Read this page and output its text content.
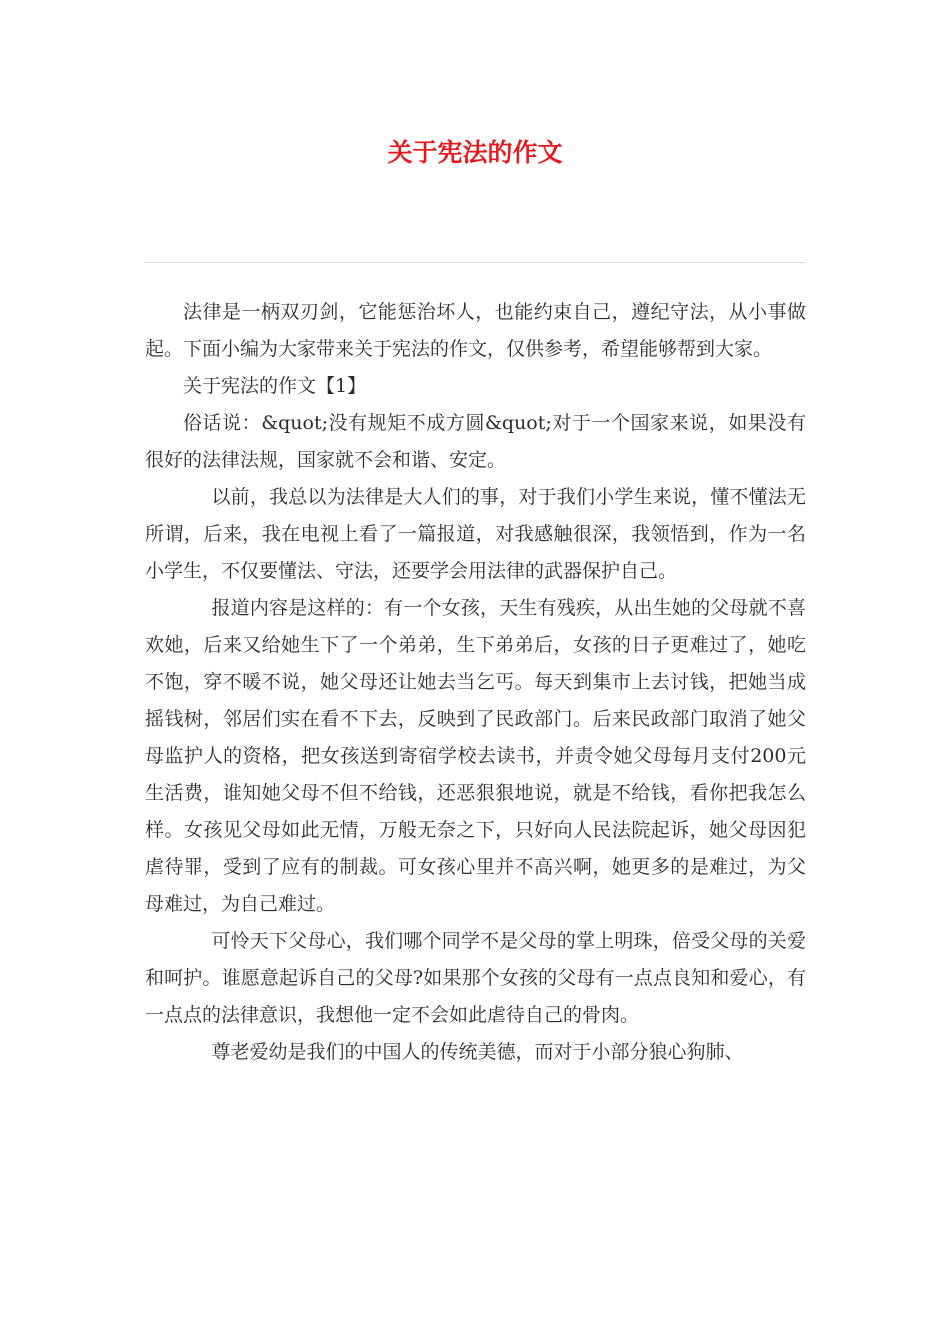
关于宪法的作文

法律是一柄双刃剑，它能惩治坏人，也能约束自己，遵纪守法，从小事做起。下面小编为大家带来关于宪法的作文，仅供参考，希望能够帮到大家。

关于宪法的作文【1】

俗话说：&quot;没有规矩不成方圆&quot;对于一个国家来说，如果没有很好的法律法规，国家就不会和谐、安定。

以前，我总以为法律是大人们的事，对于我们小学生来说，懂不懂法无所谓，后来，我在电视上看了一篇报道，对我感触很深，我领悟到，作为一名小学生，不仅要懂法、守法，还要学会用法律的武器保护自己。

报道内容是这样的：有一个女孩，天生有残疾，从出生她的父母就不喜欢她，后来又给她生下了一个弟弟，生下弟弟后，女孩的日子更难过了，她吃不饱，穿不暖不说，她父母还让她去当乞丐。每天到集市上去讨钱，把她当成摇钱树，邻居们实在看不下去，反映到了民政部门。后来民政部门取消了她父母监护人的资格，把女孩送到寄宿学校去读书，并责令她父母每月支付200元生活费，谁知她父母不但不给钱，还恶狠狠地说，就是不给钱，看你把我怎么样。女孩见父母如此无情，万般无奈之下，只好向人民法院起诉，她父母因犯虐待罪，受到了应有的制裁。可女孩心里并不高兴啊，她更多的是难过，为父母难过，为自己难过。

可怜天下父母心，我们哪个同学不是父母的掌上明珠，倍受父母的关爱和呵护。谁愿意起诉自己的父母?如果那个女孩的父母有一点点良知和爱心，有一点点的法律意识，我想他一定不会如此虐待自己的骨肉。

尊老爱幼是我们的中国人的传统美德，而对于小部分狼心狗肺、
